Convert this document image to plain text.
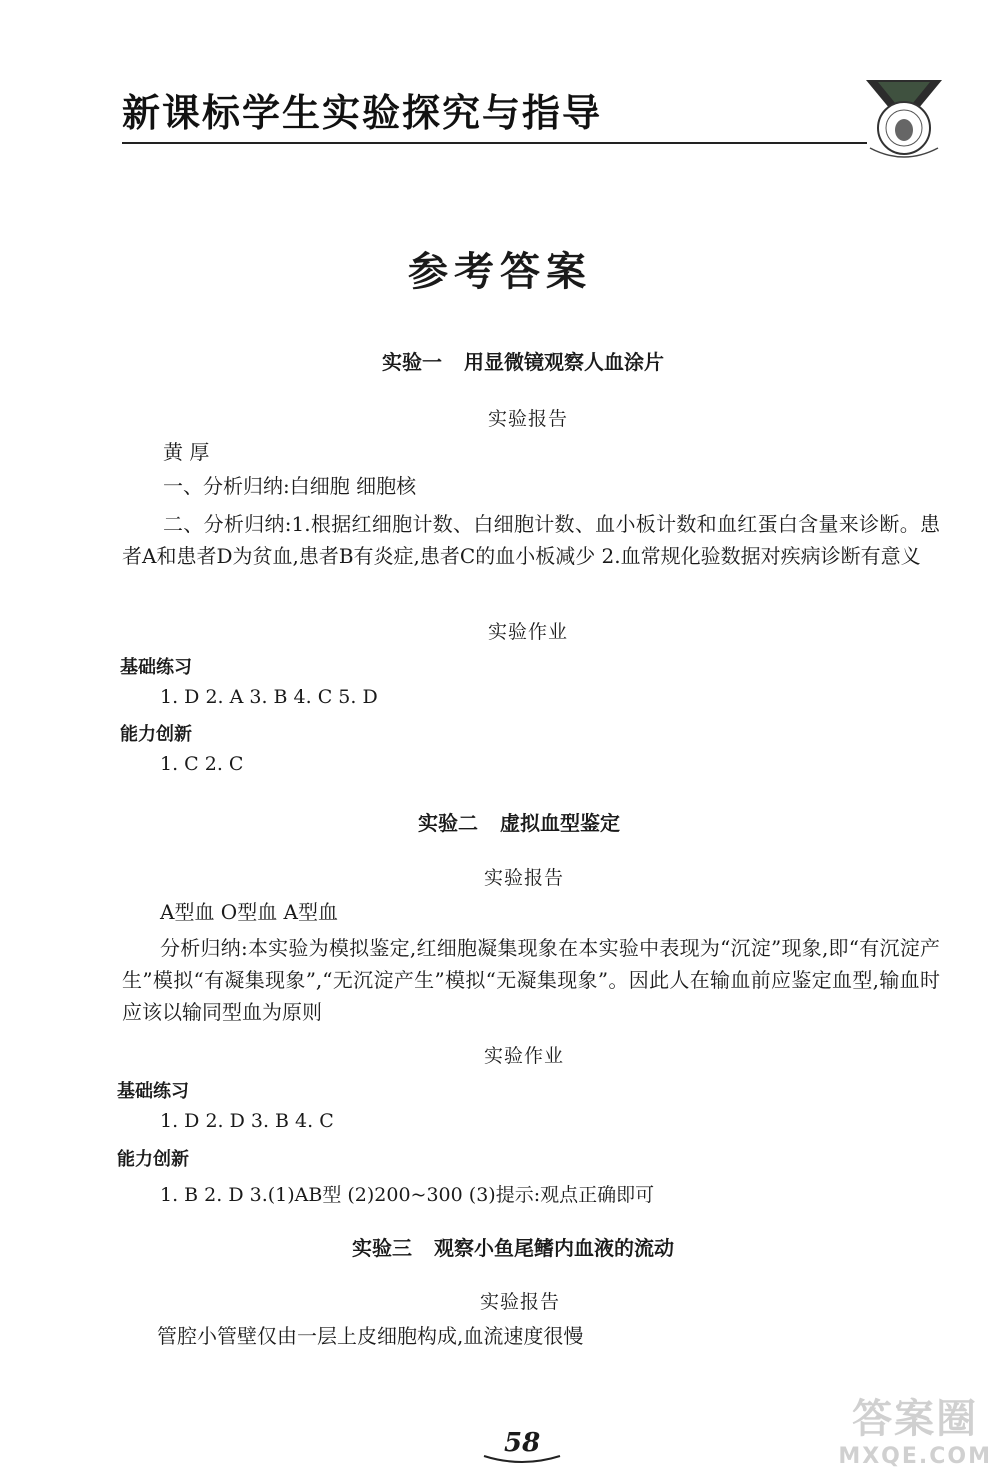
新课标学生实验探究与指导
参考答案
实验一 用显微镜观察人血涂片
实验报告
黄 厚
一、分析归纳:白细胞 细胞核
二、分析归纳:1.根据红细胞计数、白细胞计数、血小板计数和血红蛋白含量来诊断。患者A和患者D为贫血,患者B有炎症,患者C的血小板减少 2.血常规化验数据对疾病诊断有意义
实验作业
基础练习
1. D 2. A 3. B 4. C 5. D
能力创新
1. C 2. C
实验二 虚拟血型鉴定
实验报告
A型血 O型血 A型血
分析归纳:本实验为模拟鉴定,红细胞凝集现象在本实验中表现为“沉淀”现象,即“有沉淀产生”模拟“有凝集现象”,“无沉淀产生”模拟“无凝集现象”。因此人在输血前应鉴定血型,输血时应该以输同型血为原则
实验作业
基础练习
1. D 2. D 3. B 4. C
能力创新
1. B 2. D 3.(1)AB型 (2)200~300 (3)提示:观点正确即可
实验三 观察小鱼尾鳍内血液的流动
实验报告
管腔小管壁仅由一层上皮细胞构成,血流速度很慢
58
答案圈
MXQE.COM
